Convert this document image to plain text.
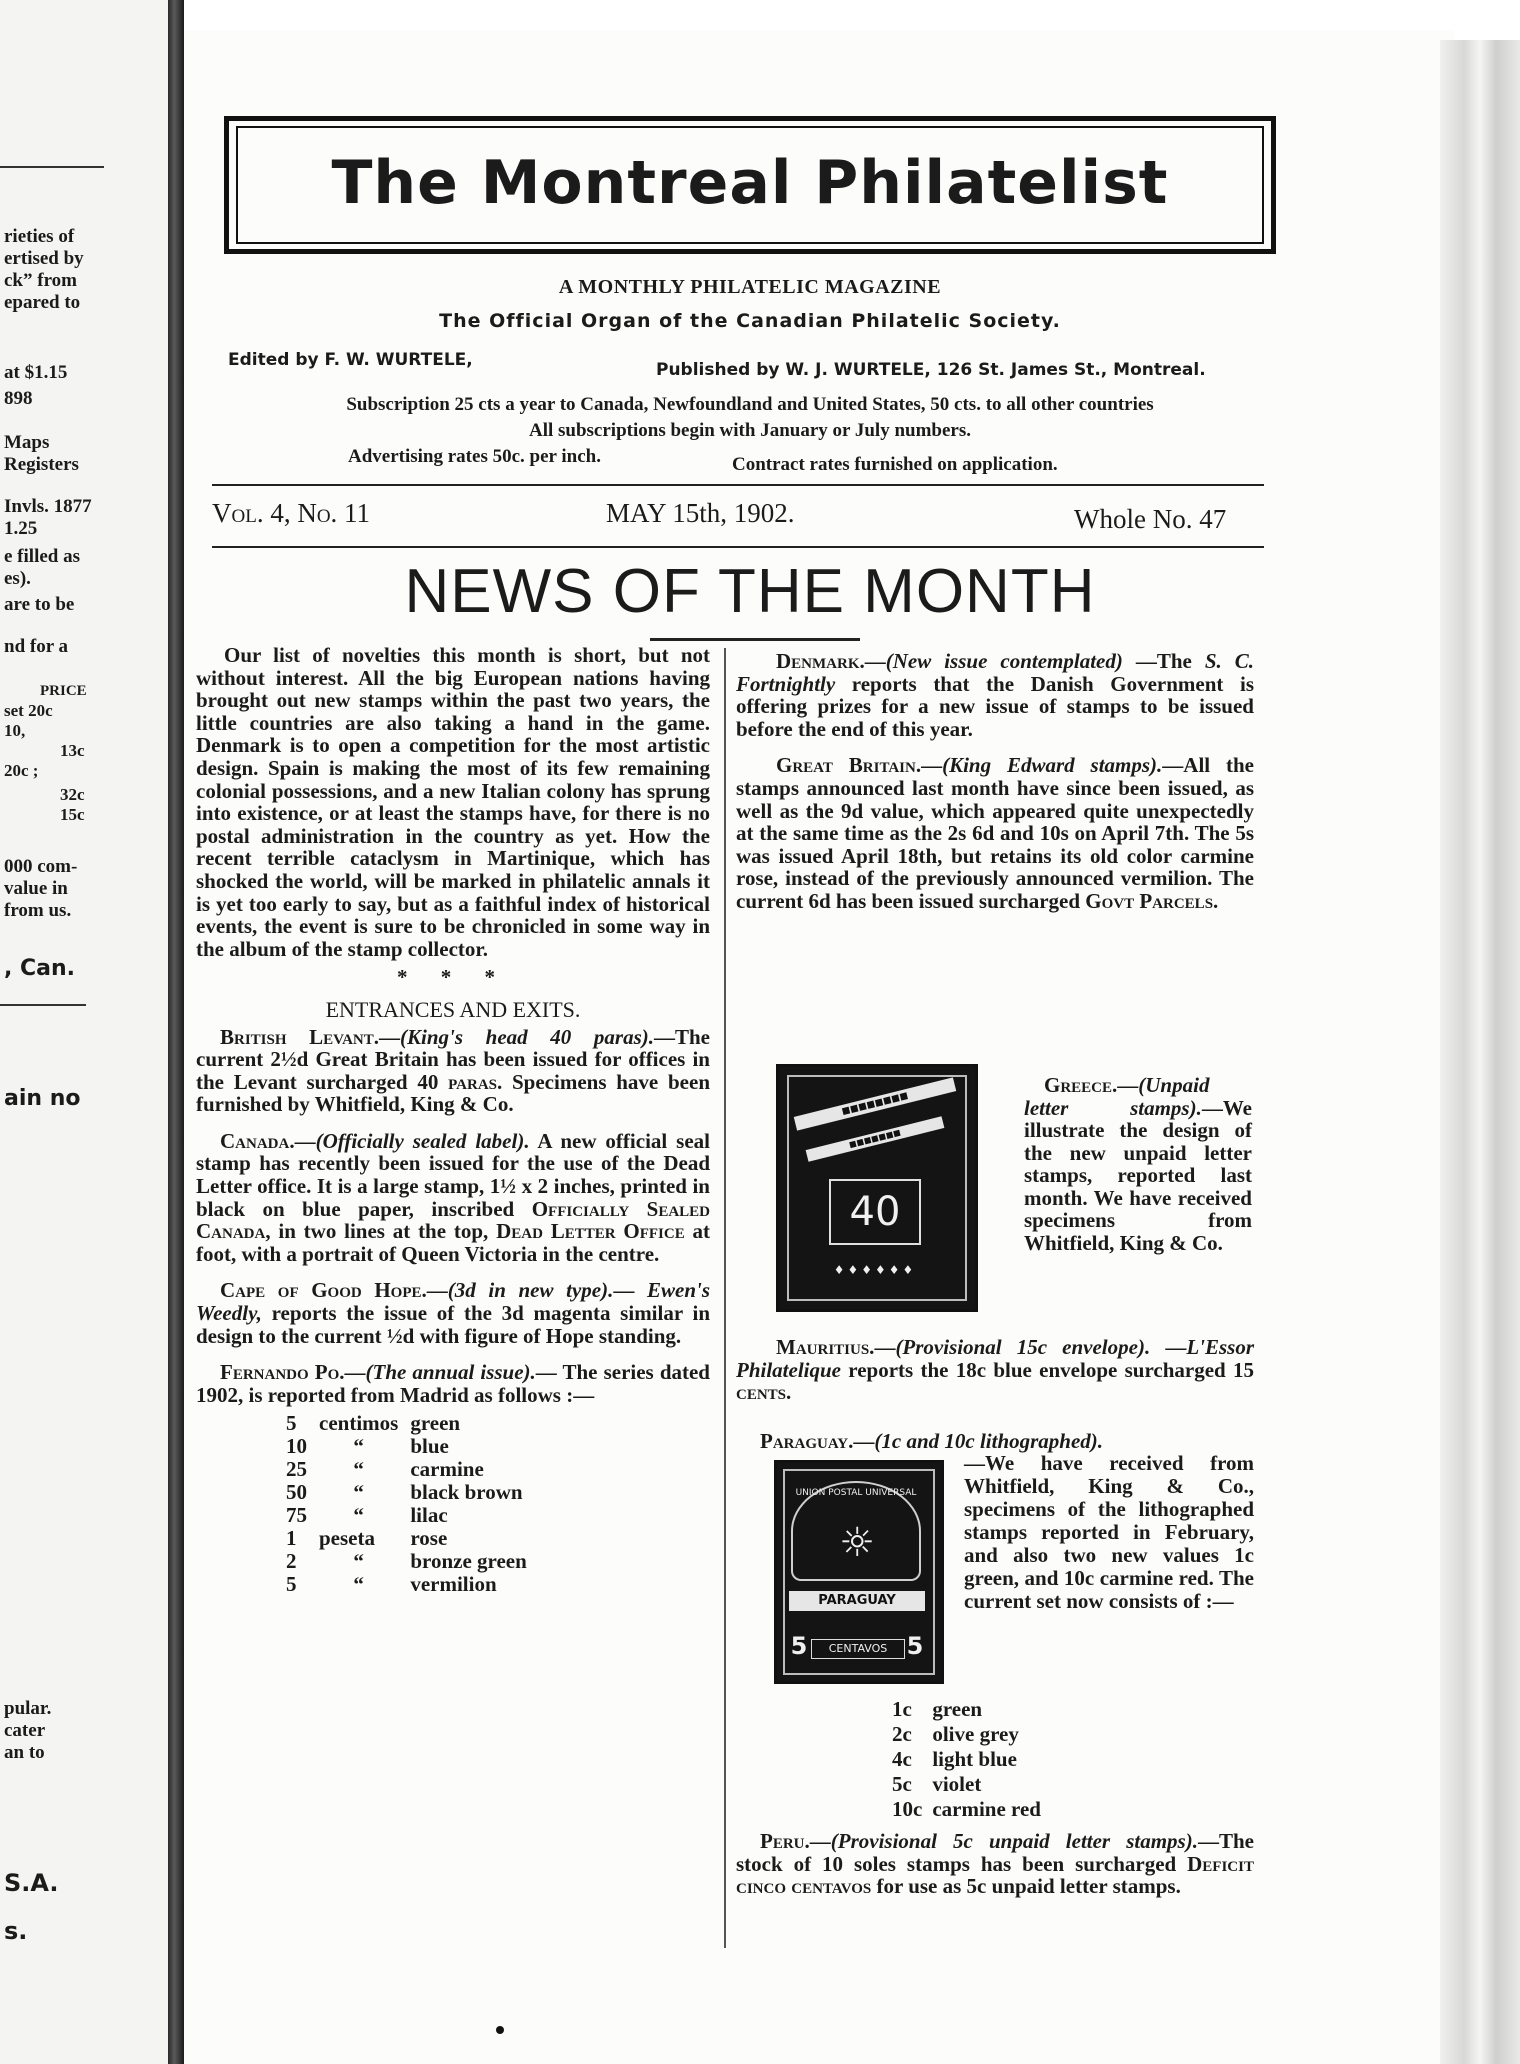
rieties of
ertised by
ck” from
epared to
at $1.15
898
Maps
Registers
Invls. 1877
1.25
e filled as
es).
are to be
nd for a
PRICE
set 20c
10,
13c
20c ;
32c
15c
000 com-
value in
from us.
, Can.
ain no
pular.
cater
an to
S.A.
s.
The Montreal Philatelist
A MONTHLY PHILATELIC MAGAZINE
The Official Organ of the Canadian Philatelic Society.
Edited by F. W. WURTELE,	Published by W. J. WURTELE, 126 St. James St., Montreal.
Subscription 25 cts a year to Canada, Newfoundland and United States, 50 cts. to all other countries
All subscriptions begin with January or July numbers.
Advertising rates 50c. per inch.	Contract rates furnished on application.
Vol. 4, No. 11	MAY 15th, 1902.	Whole No. 47
NEWS OF THE MONTH

Our list of novelties this month is short, but not without interest. All the big European nations having brought out new stamps within the past two years, the little countries are also taking a hand in the game. Denmark is to open a competition for the most artistic design. Spain is making the most of its few remaining colonial possessions, and a new Italian colony has sprung into existence, or at least the stamps have, for there is no postal administration in the country as yet. How the recent terrible cataclysm in Martinique, which has shocked the world, will be marked in philatelic annals it is yet too early to say, but as a faithful index of historical events, the event is sure to be chronicled in some way in the album of the stamp collector.

* * *
ENTRANCES AND EXITS.

British Levant.—(King's head 40 paras).—The current 2½d Great Britain has been issued for offices in the Levant surcharged 40 paras. Specimens have been furnished by Whitfield, King & Co.

Canada.—(Officially sealed label). A new official seal stamp has recently been issued for the use of the Dead Letter office. It is a large stamp, 1½ x 2 inches, printed in black on blue paper, inscribed Officially Sealed Canada, in two lines at the top, Dead Letter Office at foot, with a portrait of Queen Victoria in the centre.

Cape of Good Hope.—(3d in new type).— Ewen's Weedly, reports the issue of the 3d magenta similar in design to the current ½d with figure of Hope standing.

Fernando Po.—(The annual issue).— The series dated 1902, is reported from Madrid as follows :—

5	centimos	green
10	“	blue
25	“	carmine
50	“	black brown
75	“	lilac
1	peseta	rose
2	“	bronze green
5	“	vermilion

Denmark.—(New issue contemplated) —The S. C. Fortnightly reports that the Danish Government is offering prizes for a new issue of stamps to be issued before the end of this year.

Great Britain.—(King Edward stamps).—All the stamps announced last month have since been issued, as well as the 9d value, which appeared quite unexpectedly at the same time as the 2s 6d and 10s on April 7th. The 5s was issued April 18th, but retains its old color carmine rose, instead of the previously announced vermilion. The current 6d has been issued surcharged Govt Parcels.

■■■■■■■■
■■■■■■■
40
♦♦♦♦♦♦
Greece.—(Unpaid letter stamps).—We illustrate the design of the new unpaid letter stamps, reported last month. We have received specimens from Whitfield, King & Co.

Mauritius.—(Provisional 15c envelope). —L'Essor Philatelique reports the 18c blue envelope surcharged 15 cents.

Paraguay.—(1c and 10c lithographed).
UNION POSTAL UNIVERSAL
☼
PARAGUAY
5	CENTAVOS 5
—We have received from Whitfield, King & Co., specimens of the lithographed stamps reported in February, and also two new values 1c green, and 10c carmine red. The current set now consists of :—
1c	green
2c	olive grey
4c	light blue
5c	violet
10c	carmine red

Peru.—(Provisional 5c unpaid letter stamps).—The stock of 10 soles stamps has been surcharged Deficit cinco centavos for use as 5c unpaid letter stamps.
